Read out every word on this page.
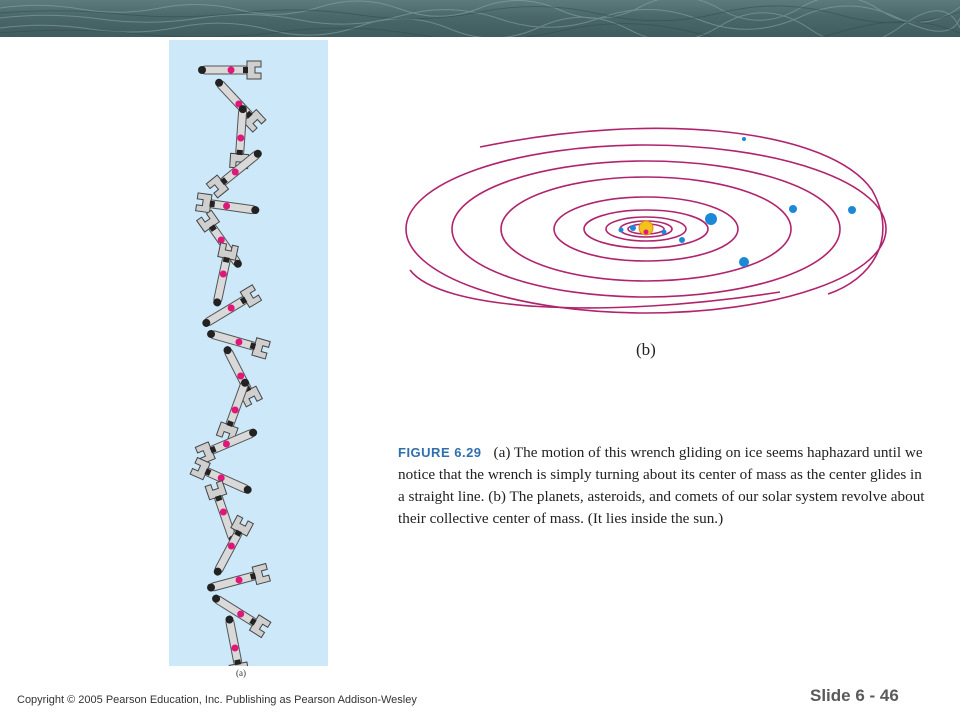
(a)
(b)
FIGURE 6.29 (a) The motion of this wrench gliding on ice seems haphazard until we notice that the wrench is simply turning about its center of mass as the center glides in a straight line. (b) The planets, asteroids, and comets of our solar system revolve about their collective center of mass. (It lies inside the sun.)
Copyright © 2005 Pearson Education, Inc. Publishing as Pearson Addison-Wesley	Slide 6 - 46
